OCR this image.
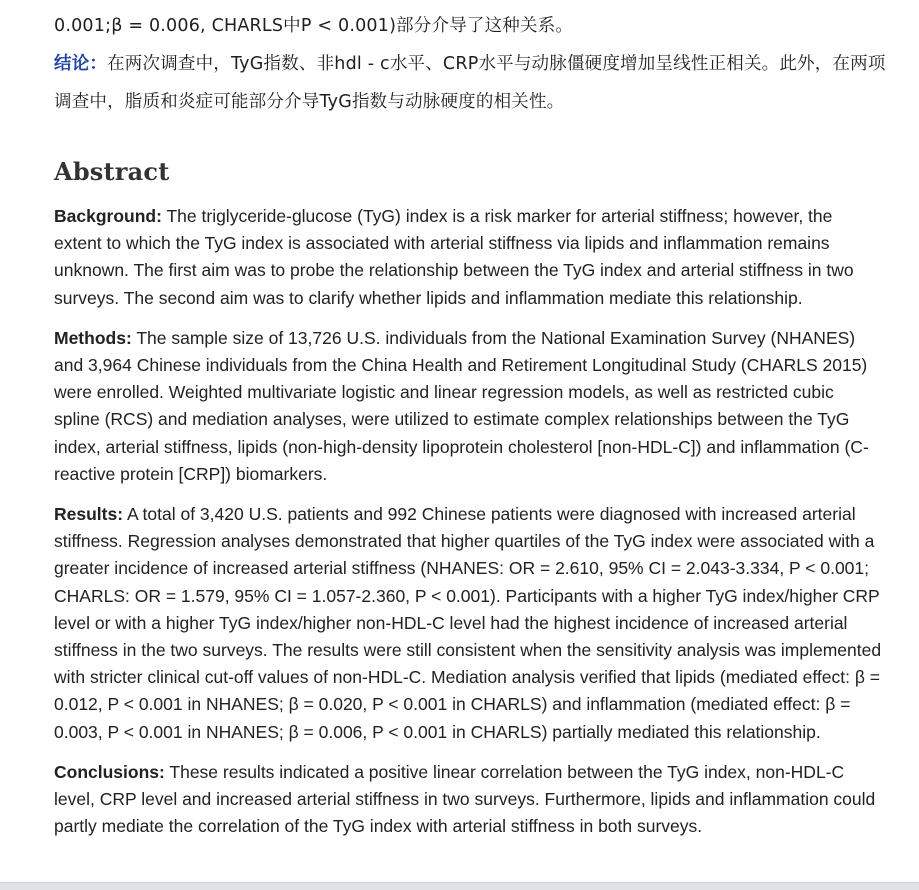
0.001;β = 0.006, CHARLS中P < 0.001)部分介导了这种关系。

结论：在两次调查中，TyG指数、非hdl - c水平、CRP水平与动脉僵硬度增加呈线性正相关。此外，在两项调查中，脂质和炎症可能部分介导TyG指数与动脉硬度的相关性。

Abstract

Background: The triglyceride-glucose (TyG) index is a risk marker for arterial stiffness; however, the extent to which the TyG index is associated with arterial stiffness via lipids and inflammation remains unknown. The first aim was to probe the relationship between the TyG index and arterial stiffness in two surveys. The second aim was to clarify whether lipids and inflammation mediate this relationship.

Methods: The sample size of 13,726 U.S. individuals from the National Examination Survey (NHANES) and 3,964 Chinese individuals from the China Health and Retirement Longitudinal Study (CHARLS 2015) were enrolled. Weighted multivariate logistic and linear regression models, as well as restricted cubic spline (RCS) and mediation analyses, were utilized to estimate complex relationships between the TyG index, arterial stiffness, lipids (non-high-density lipoprotein cholesterol [non-HDL-C]) and inflammation (C-reactive protein [CRP]) biomarkers.

Results: A total of 3,420 U.S. patients and 992 Chinese patients were diagnosed with increased arterial stiffness. Regression analyses demonstrated that higher quartiles of the TyG index were associated with a greater incidence of increased arterial stiffness (NHANES: OR = 2.610, 95% CI = 2.043-3.334, P < 0.001; CHARLS: OR = 1.579, 95% CI = 1.057-2.360, P < 0.001). Participants with a higher TyG index/higher CRP level or with a higher TyG index/higher non-HDL-C level had the highest incidence of increased arterial stiffness in the two surveys. The results were still consistent when the sensitivity analysis was implemented with stricter clinical cut-off values of non-HDL-C. Mediation analysis verified that lipids (mediated effect: β = 0.012, P < 0.001 in NHANES; β = 0.020, P < 0.001 in CHARLS) and inflammation (mediated effect: β = 0.003, P < 0.001 in NHANES; β = 0.006, P < 0.001 in CHARLS) partially mediated this relationship.

Conclusions: These results indicated a positive linear correlation between the TyG index, non-HDL-C level, CRP level and increased arterial stiffness in two surveys. Furthermore, lipids and inflammation could partly mediate the correlation of the TyG index with arterial stiffness in both surveys.
